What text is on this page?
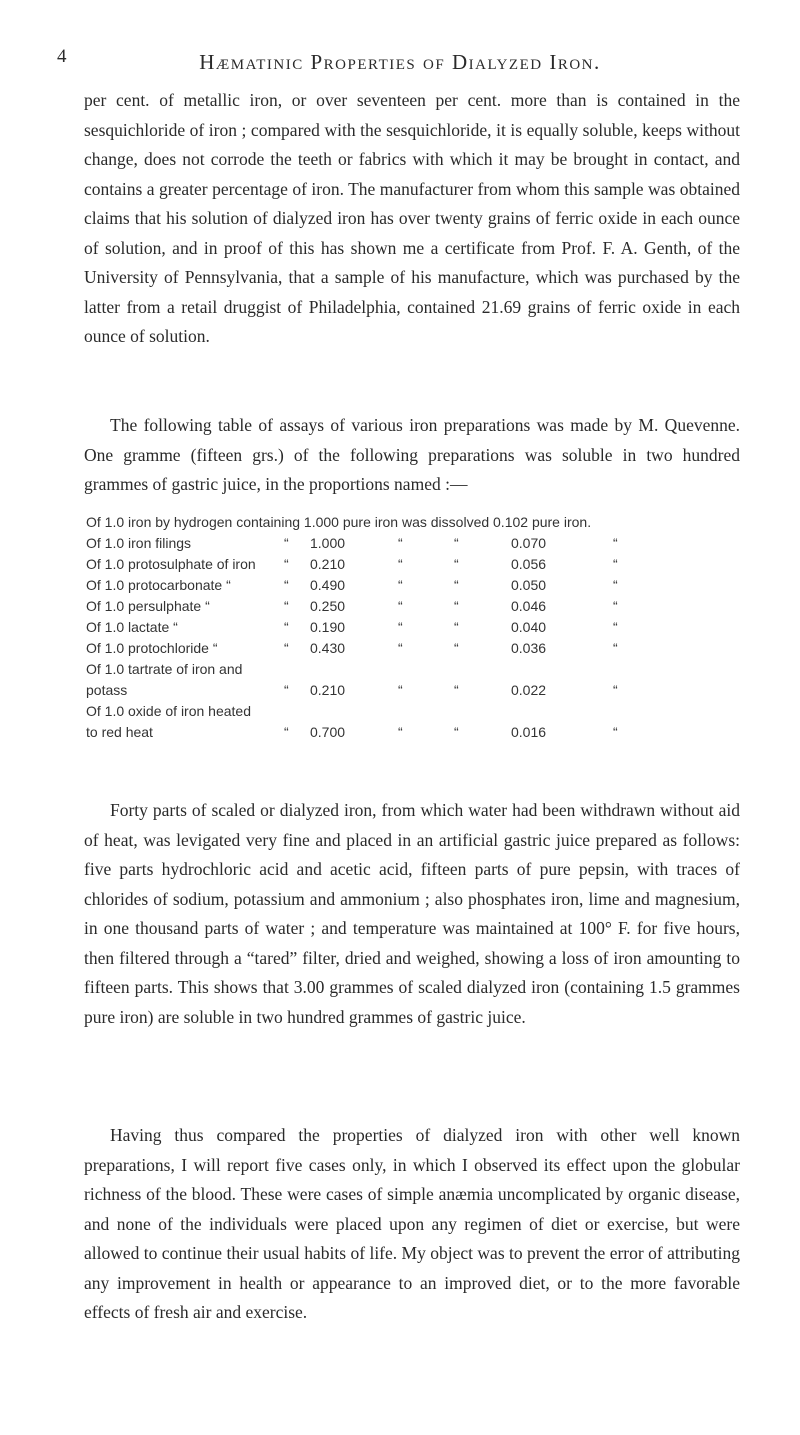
4	Hæmatinic Properties of Dialyzed Iron.

per cent. of metallic iron, or over seventeen per cent. more than is contained in the sesquichloride of iron ; compared with the sesquichloride, it is equally soluble, keeps without change, does not corrode the teeth or fabrics with which it may be brought in contact, and contains a greater percentage of iron. The manufacturer from whom this sample was obtained claims that his solution of dialyzed iron has over twenty grains of ferric oxide in each ounce of solution, and in proof of this has shown me a certificate from Prof. F. A. Genth, of the University of Pennsylvania, that a sample of his manufacture, which was purchased by the latter from a retail druggist of Philadelphia, contained 21.69 grains of ferric oxide in each ounce of solution.

The following table of assays of various iron preparations was made by M. Quevenne. One gramme (fifteen grs.) of the following preparations was soluble in two hundred grammes of gastric juice, in the proportions named :—

Of 1.0 iron by hydrogen containing 1.000 pure iron was dissolved 0.102 pure iron.
Of 1.0 iron filings	“ 1.000	“	“	0.070	“
Of 1.0 protosulphate of iron “ 0.210	“	“	0.056	“
Of 1.0 protocarbonate “	“ 0.490	“	“	0.050	“
Of 1.0 persulphate “	“ 0.250	“	“	0.046	“
Of 1.0 lactate “	“ 0.190	“	“	0.040	“
Of 1.0 protochloride “	“ 0.430	“	“	0.036	“
Of 1.0 tartrate of iron and
potass	“ 0.210	“	“	0.022	“
Of 1.0 oxide of iron heated
to red heat	“ 0.700	“	“	0.016	“

Forty parts of scaled or dialyzed iron, from which water had been withdrawn without aid of heat, was levigated very fine and placed in an artificial gastric juice prepared as follows: five parts hydrochloric acid and acetic acid, fifteen parts of pure pepsin, with traces of chlorides of sodium, potassium and ammonium ; also phosphates iron, lime and magnesium, in one thousand parts of water ; and temperature was maintained at 100° F. for five hours, then filtered through a “tared” filter, dried and weighed, showing a loss of iron amounting to fifteen parts. This shows that 3.00 grammes of scaled dialyzed iron (containing 1.5 grammes pure iron) are soluble in two hundred grammes of gastric juice.

Having thus compared the properties of dialyzed iron with other well known preparations, I will report five cases only, in which I observed its effect upon the globular richness of the blood. These were cases of simple anæmia uncomplicated by organic disease, and none of the individuals were placed upon any regimen of diet or exercise, but were allowed to continue their usual habits of life. My object was to prevent the error of attributing any improvement in health or appearance to an improved diet, or to the more favorable effects of fresh air and exercise.
